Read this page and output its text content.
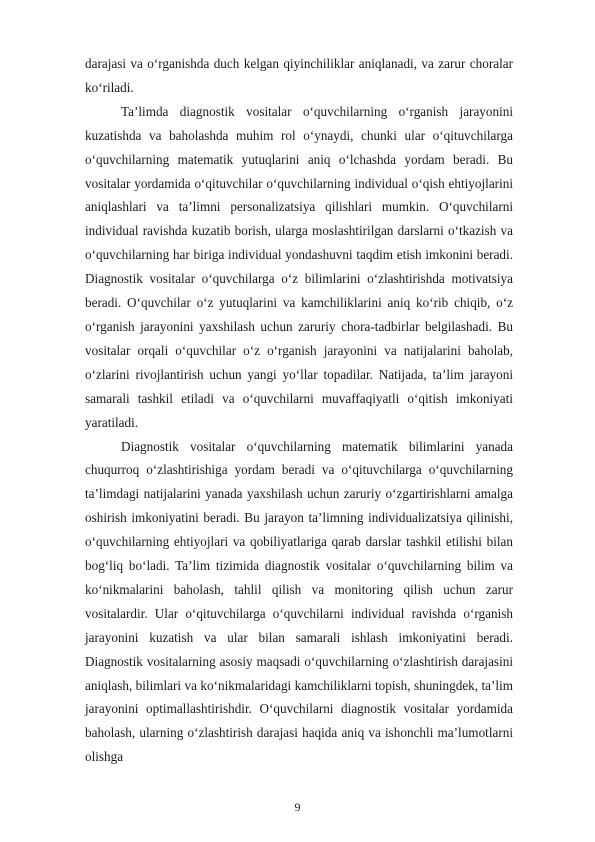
darajasi va o‘rganishda duch kelgan qiyinchiliklar aniqlanadi, va zarur choralar ko‘riladi.

Ta’limda diagnostik vositalar o‘quvchilarning o‘rganish jarayonini kuzatishda va baholashda muhim rol o‘ynaydi, chunki ular o‘qituvchilarga o‘quvchilarning matematik yutuqlarini aniq o‘lchashda yordam beradi. Bu vositalar yordamida o‘qituvchilar o‘quvchilarning individual o‘qish ehtiyojlarini aniqlashlari va ta’limni personalizatsiya qilishlari mumkin. O‘quvchilarni individual ravishda kuzatib borish, ularga moslashtirilgan darslarni o‘tkazish va o‘quvchilarning har biriga individual yondashuvni taqdim etish imkonini beradi. Diagnostik vositalar o‘quvchilarga o‘z bilimlarini o‘zlashtirishda motivatsiya beradi. O‘quvchilar o‘z yutuqlarini va kamchiliklarini aniq ko‘rib chiqib, o‘z o‘rganish jarayonini yaxshilash uchun zaruriy chora-tadbirlar belgilashadi. Bu vositalar orqali o‘quvchilar o‘z o‘rganish jarayonini va natijalarini baholab, o‘zlarini rivojlantirish uchun yangi yo‘llar topadilar. Natijada, ta’lim jarayoni samarali tashkil etiladi va o‘quvchilarni muvaffaqiyatli o‘qitish imkoniyati yaratiladi.

Diagnostik vositalar o‘quvchilarning matematik bilimlarini yanada chuqurroq o‘zlashtirishiga yordam beradi va o‘qituvchilarga o‘quvchilarning ta’limdagi natijalarini yanada yaxshilash uchun zaruriy o‘zgartirishlarni amalga oshirish imkoniyatini beradi. Bu jarayon ta’limning individualizatsiya qilinishi, o‘quvchilarning ehtiyojlari va qobiliyatlariga qarab darslar tashkil etilishi bilan bog‘liq bo‘ladi. Ta’lim tizimida diagnostik vositalar o‘quvchilarning bilim va ko‘nikmalarini baholash, tahlil qilish va monitoring qilish uchun zarur vositalardir. Ular o‘qituvchilarga o‘quvchilarni individual ravishda o‘rganish jarayonini kuzatish va ular bilan samarali ishlash imkoniyatini beradi. Diagnostik vositalarning asosiy maqsadi o‘quvchilarning o‘zlashtirish darajasini aniqlash, bilimlari va ko‘nikmalaridagi kamchiliklarni topish, shuningdek, ta’lim jarayonini optimallashtirishdir. O‘quvchilarni diagnostik vositalar yordamida baholash, ularning o‘zlashtirish darajasi haqida aniq va ishonchli ma’lumotlarni olishga

9
